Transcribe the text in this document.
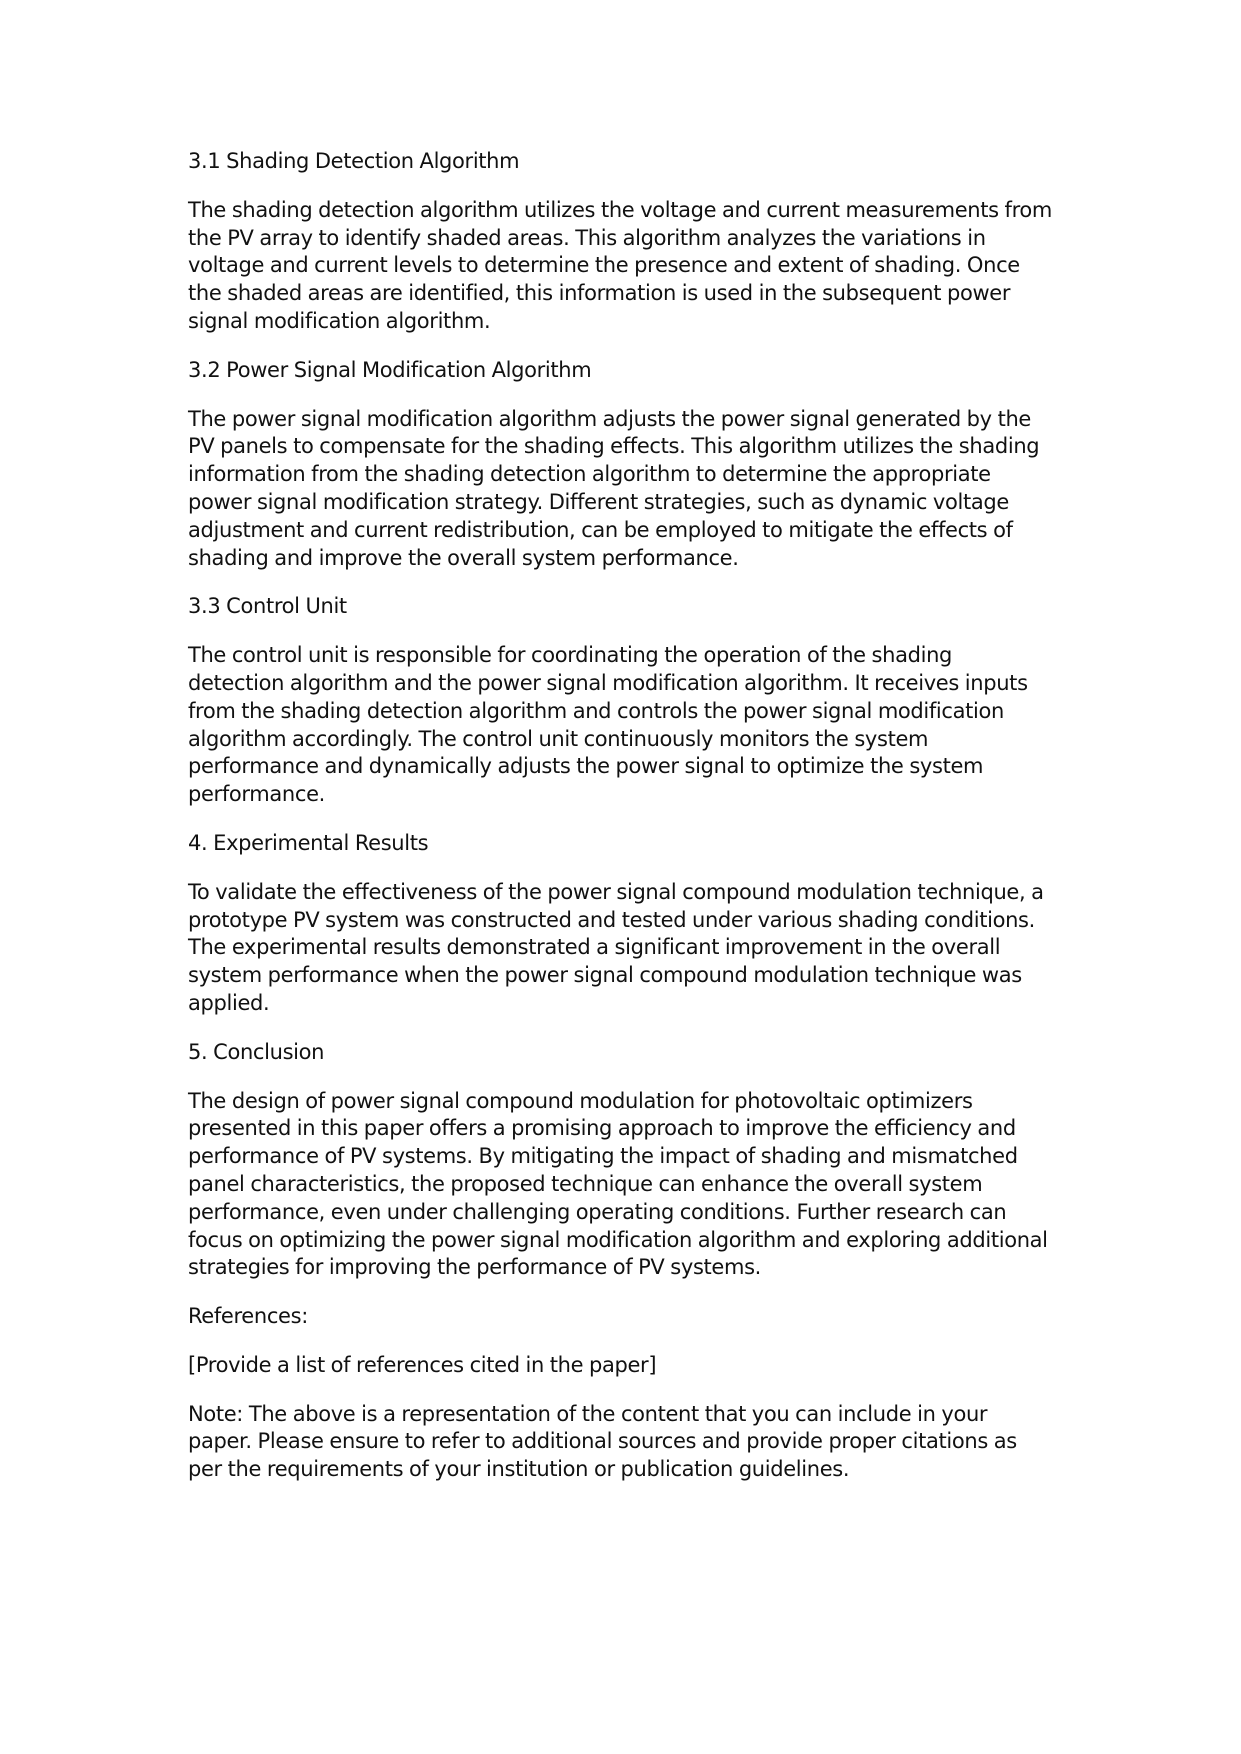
3.1 Shading Detection Algorithm
The shading detection algorithm utilizes the voltage and current measurements from
the PV array to identify shaded areas. This algorithm analyzes the variations in
voltage and current levels to determine the presence and extent of shading. Once
the shaded areas are identified, this information is used in the subsequent power
signal modification algorithm.
3.2 Power Signal Modification Algorithm
The power signal modification algorithm adjusts the power signal generated by the
PV panels to compensate for the shading effects. This algorithm utilizes the shading
information from the shading detection algorithm to determine the appropriate
power signal modification strategy. Different strategies, such as dynamic voltage
adjustment and current redistribution, can be employed to mitigate the effects of
shading and improve the overall system performance.
3.3 Control Unit
The control unit is responsible for coordinating the operation of the shading
detection algorithm and the power signal modification algorithm. It receives inputs
from the shading detection algorithm and controls the power signal modification
algorithm accordingly. The control unit continuously monitors the system
performance and dynamically adjusts the power signal to optimize the system
performance.
4. Experimental Results
To validate the effectiveness of the power signal compound modulation technique, a
prototype PV system was constructed and tested under various shading conditions.
The experimental results demonstrated a significant improvement in the overall
system performance when the power signal compound modulation technique was
applied.
5. Conclusion
The design of power signal compound modulation for photovoltaic optimizers
presented in this paper offers a promising approach to improve the efficiency and
performance of PV systems. By mitigating the impact of shading and mismatched
panel characteristics, the proposed technique can enhance the overall system
performance, even under challenging operating conditions. Further research can
focus on optimizing the power signal modification algorithm and exploring additional
strategies for improving the performance of PV systems.
References:
[Provide a list of references cited in the paper]
Note: The above is a representation of the content that you can include in your
paper. Please ensure to refer to additional sources and provide proper citations as
per the requirements of your institution or publication guidelines.
